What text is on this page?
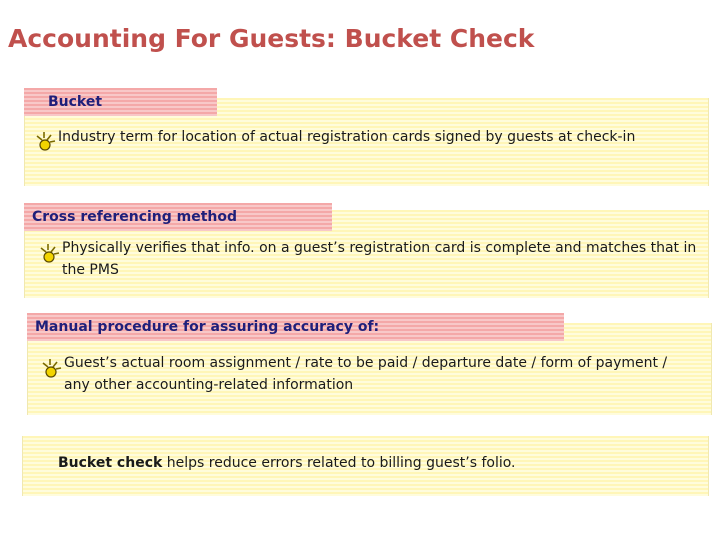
Accounting For Guests: Bucket Check
Bucket
Industry term for location of actual registration cards signed by guests at check-in
Cross referencing method
Physically verifies that info. on a guest’s registration card is complete and matches that in
the PMS
Manual procedure for assuring accuracy of:
Guest’s actual room assignment / rate to be paid / departure date / form of payment /
any other accounting-related information
Bucket check helps reduce errors related to billing guest’s folio.
